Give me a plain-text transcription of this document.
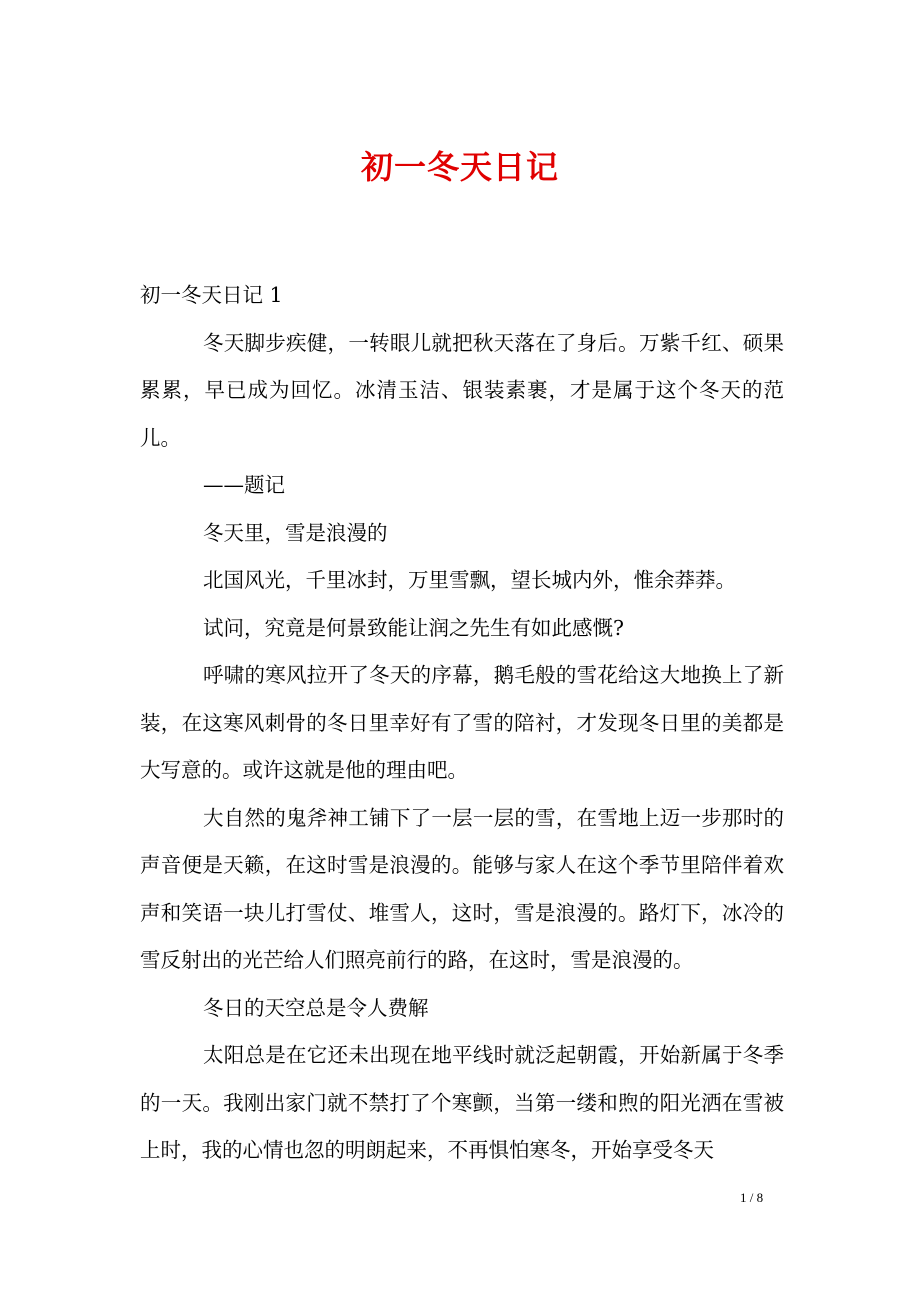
初一冬天日记

初一冬天日记 1

冬天脚步疾健，一转眼儿就把秋天落在了身后。万紫千红、硕果累累，早已成为回忆。冰清玉洁、银装素裹，才是属于这个冬天的范儿。

——题记

冬天里，雪是浪漫的

北国风光，千里冰封，万里雪飘，望长城内外，惟余莽莽。

试问，究竟是何景致能让润之先生有如此感慨?

呼啸的寒风拉开了冬天的序幕，鹅毛般的雪花给这大地换上了新装，在这寒风刺骨的冬日里幸好有了雪的陪衬，才发现冬日里的美都是大写意的。或许这就是他的理由吧。

大自然的鬼斧神工铺下了一层一层的雪，在雪地上迈一步那时的声音便是天籁，在这时雪是浪漫的。能够与家人在这个季节里陪伴着欢声和笑语一块儿打雪仗、堆雪人，这时，雪是浪漫的。路灯下，冰冷的雪反射出的光芒给人们照亮前行的路，在这时，雪是浪漫的。

冬日的天空总是令人费解

太阳总是在它还未出现在地平线时就泛起朝霞，开始新属于冬季的一天。我刚出家门就不禁打了个寒颤，当第一缕和煦的阳光洒在雪被上时，我的心情也忽的明朗起来，不再惧怕寒冬，开始享受冬天

1 / 8
